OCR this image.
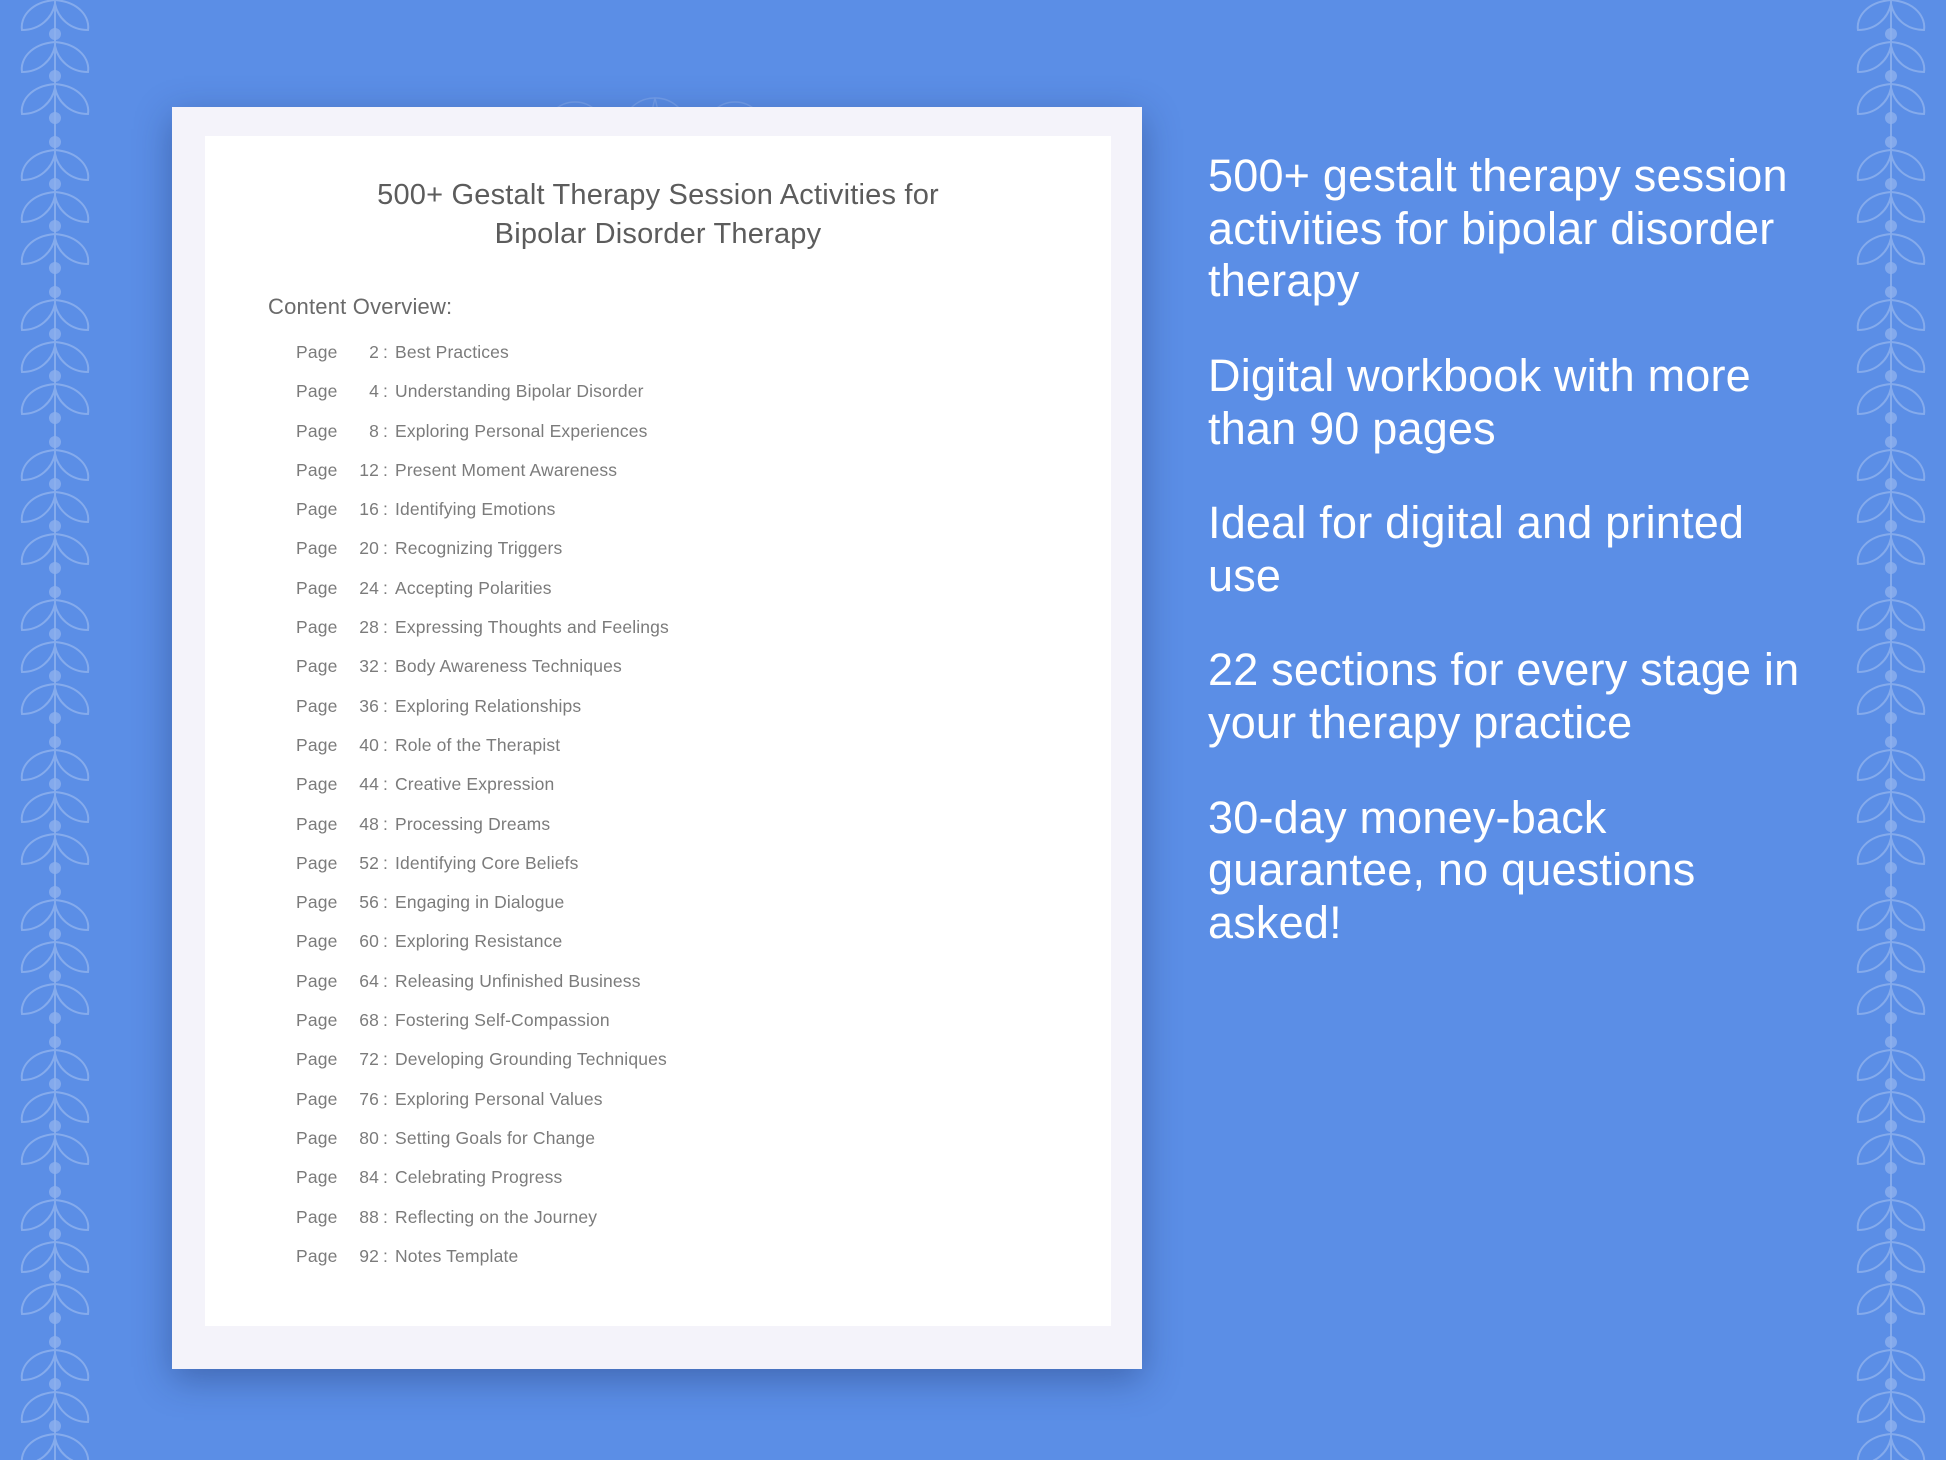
500+ Gestalt Therapy Session Activities for
Bipolar Disorder Therapy
Content Overview:
Page	2 : Best Practices
Page	4 : Understanding Bipolar Disorder
Page	8 : Exploring Personal Experiences
Page	12 : Present Moment Awareness
Page	16 : Identifying Emotions
Page	20 : Recognizing Triggers
Page	24 : Accepting Polarities
Page	28 : Expressing Thoughts and Feelings
Page	32 : Body Awareness Techniques
Page	36 : Exploring Relationships
Page	40 : Role of the Therapist
Page	44 : Creative Expression
Page	48 : Processing Dreams
Page	52 : Identifying Core Beliefs
Page	56 : Engaging in Dialogue
Page	60 : Exploring Resistance
Page	64 : Releasing Unfinished Business
Page	68 : Fostering Self-Compassion
Page	72 : Developing Grounding Techniques
Page	76 : Exploring Personal Values
Page	80 : Setting Goals for Change
Page	84 : Celebrating Progress
Page	88 : Reflecting on the Journey
Page	92 : Notes Template

500+ gestalt therapy session activities for bipolar disorder therapy

Digital workbook with more than 90 pages

Ideal for digital and printed use

22 sections for every stage in your therapy practice

30-day money-back guarantee, no questions asked!
